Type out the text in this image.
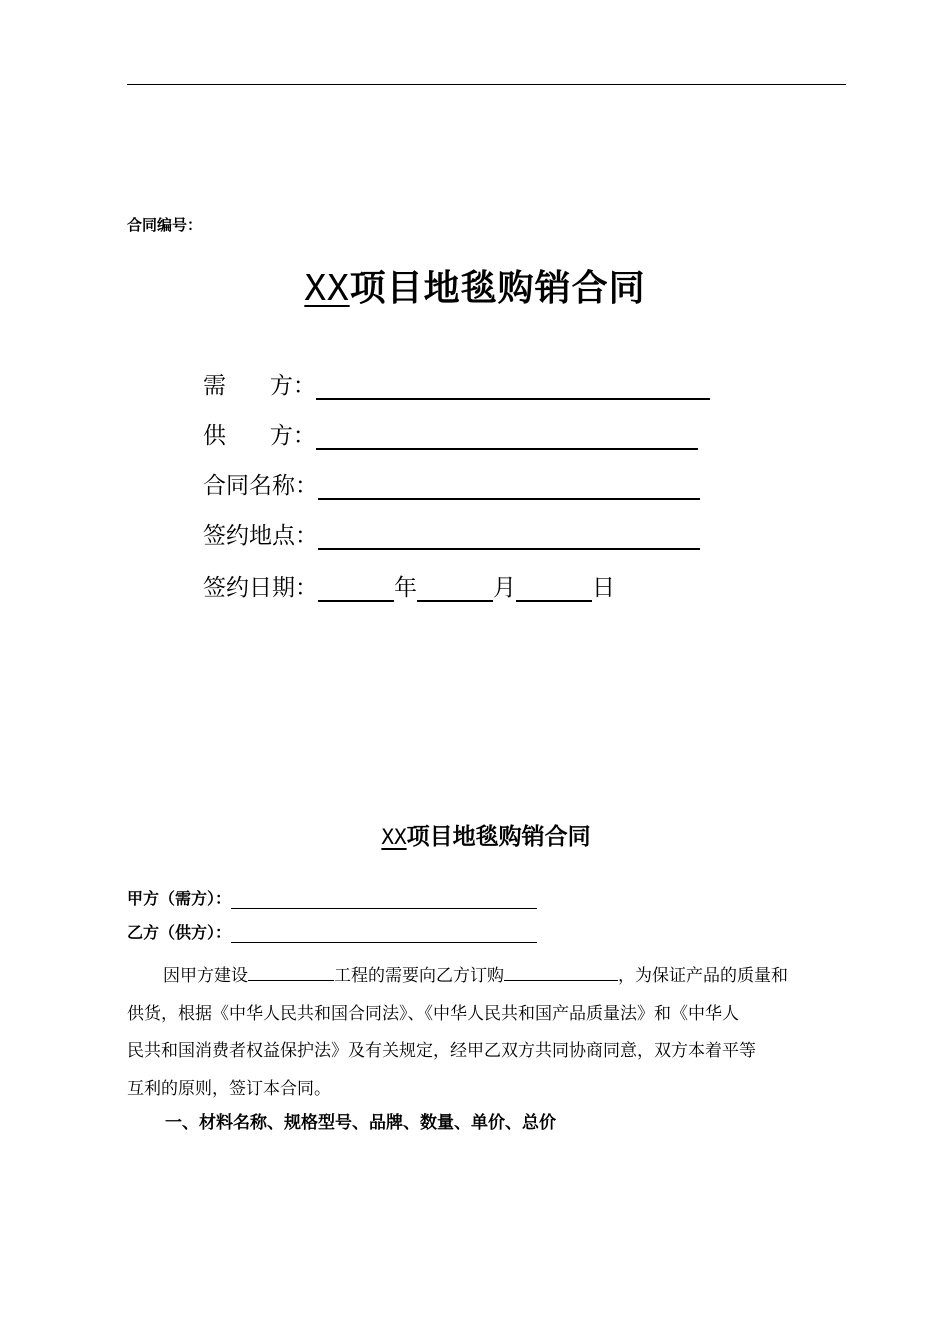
合同编号：
XX项目地毯购销合同
需      方：
供      方：
合同名称：
签约地点：
签约日期：	年	月	日
XX项目地毯购销合同
甲方（需方）：
乙方（供方）：
因甲方建设	工程的需要向乙方订购	，为保证产品的质量和
供货，根据《中华人民共和国合同法》、《中华人民共和国产品质量法》和《中华人
民共和国消费者权益保护法》及有关规定，经甲乙双方共同协商同意，双方本着平等
互利的原则，签订本合同。
一、材料名称、规格型号、品牌、数量、单价、总价
